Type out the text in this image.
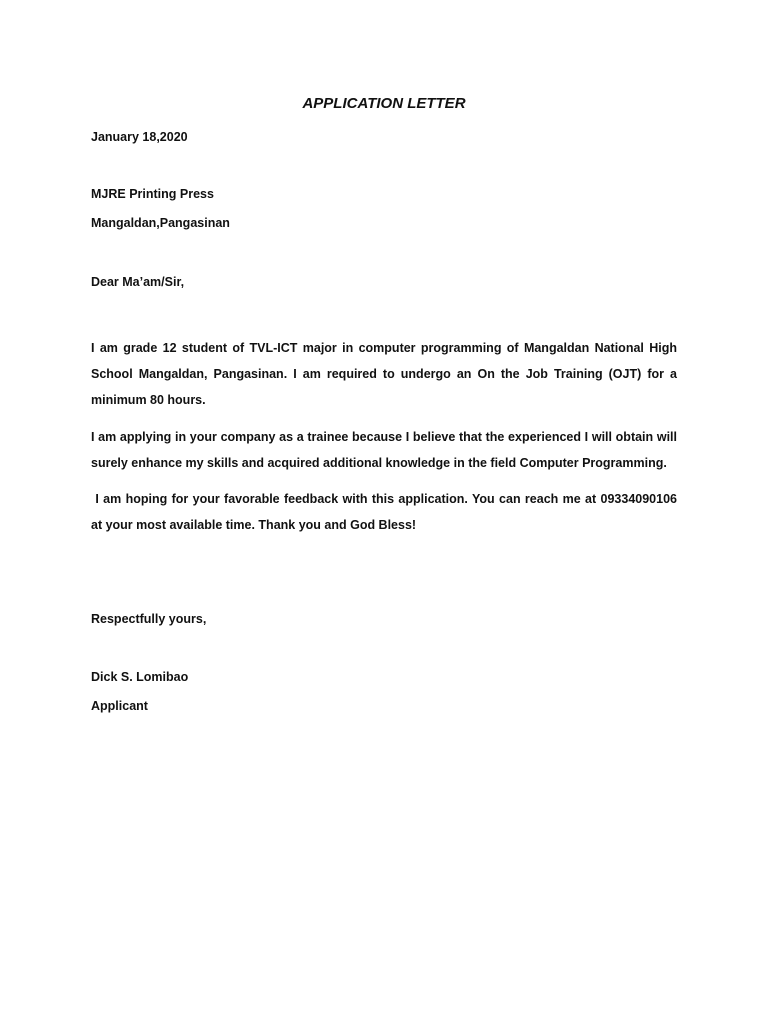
APPLICATION LETTER

January 18,2020

MJRE Printing Press

Mangaldan,Pangasinan

Dear Ma’am/Sir,

I am grade 12 student of TVL-ICT major in computer programming of Mangaldan National High School Mangaldan, Pangasinan. I am required to undergo an On the Job Training (OJT) for a minimum 80 hours.

I am applying in your company as a trainee because I believe that the experienced I will obtain will surely enhance my skills and acquired additional knowledge in the field Computer Programming.

I am hoping for your favorable feedback with this application. You can reach me at 09334090106 at your most available time. Thank you and God Bless!

Respectfully yours,

Dick S. Lomibao

Applicant
